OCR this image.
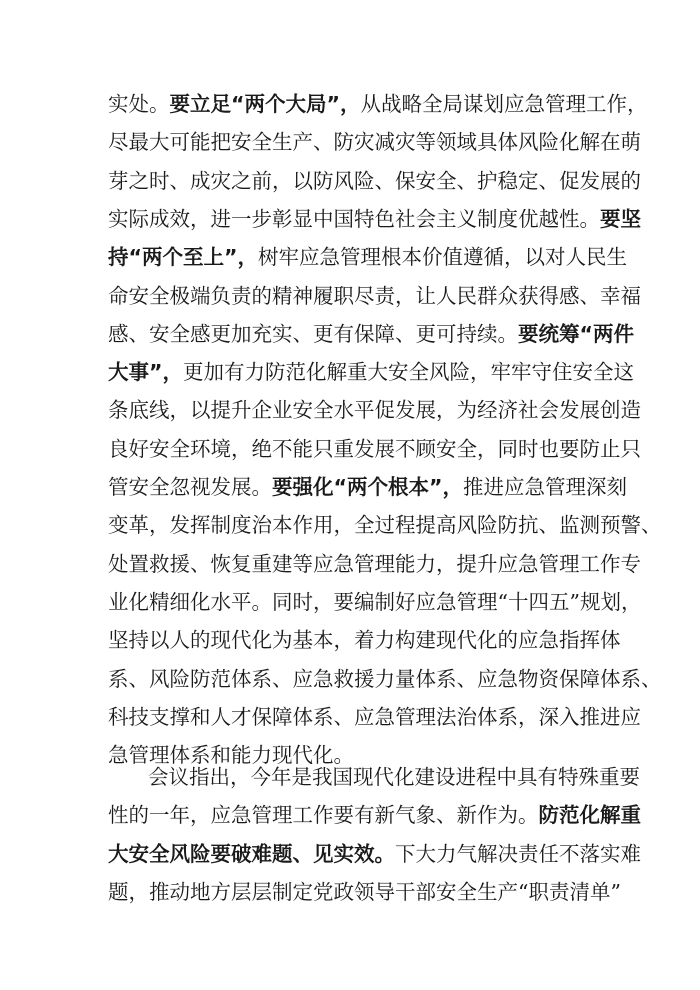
实处。要立足“两个大局”，从战略全局谋划应急管理工作，
尽最大可能把安全生产、防灾减灾等领域具体风险化解在萌
芽之时、成灾之前，以防风险、保安全、护稳定、促发展的
实际成效，进一步彰显中国特色社会主义制度优越性。要坚
持“两个至上”，树牢应急管理根本价值遵循，以对人民生
命安全极端负责的精神履职尽责，让人民群众获得感、幸福
感、安全感更加充实、更有保障、更可持续。要统筹“两件
大事”，更加有力防范化解重大安全风险，牢牢守住安全这
条底线，以提升企业安全水平促发展，为经济社会发展创造
良好安全环境，绝不能只重发展不顾安全，同时也要防止只
管安全忽视发展。要强化“两个根本”，推进应急管理深刻
变革，发挥制度治本作用，全过程提高风险防抗、监测预警、
处置救援、恢复重建等应急管理能力，提升应急管理工作专
业化精细化水平。同时，要编制好应急管理“十四五”规划，
坚持以人的现代化为基本，着力构建现代化的应急指挥体
系、风险防范体系、应急救援力量体系、应急物资保障体系、
科技支撑和人才保障体系、应急管理法治体系，深入推进应
急管理体系和能力现代化。
会议指出，今年是我国现代化建设进程中具有特殊重要
性的一年，应急管理工作要有新气象、新作为。防范化解重
大安全风险要破难题、见实效。下大力气解决责任不落实难
题，推动地方层层制定党政领导干部安全生产“职责清单”
